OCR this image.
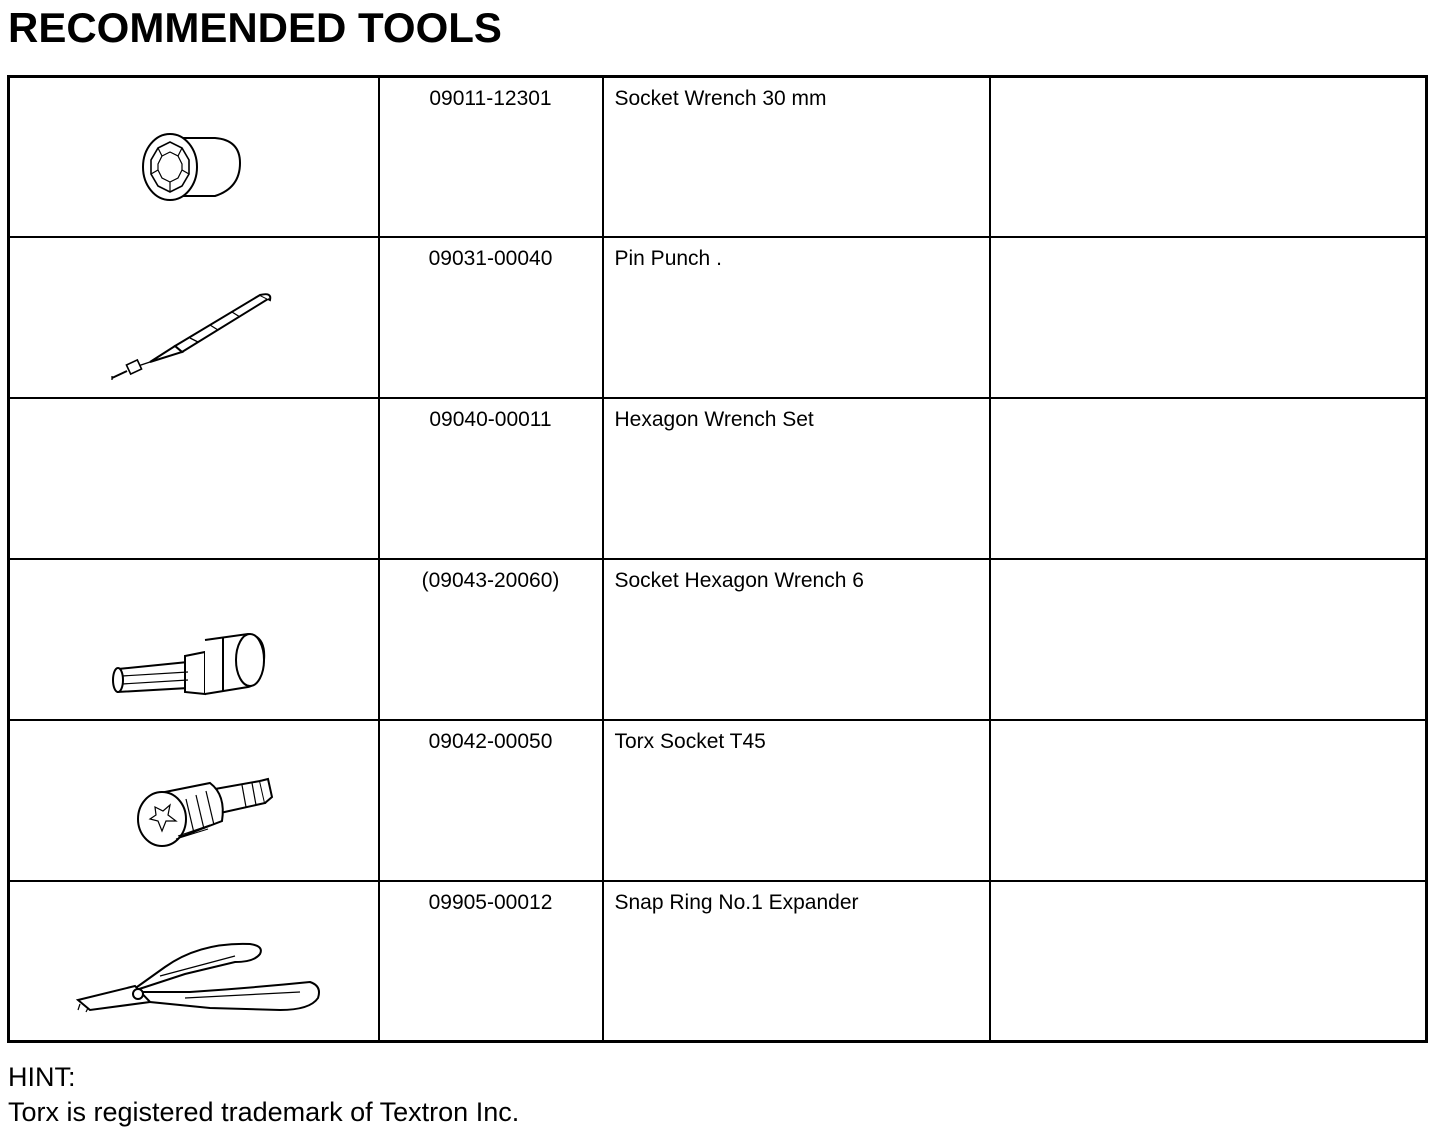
RECOMMENDED TOOLS
	09011-12301	Socket Wrench 30 mm	

	09031-00040	Pin Punch .	
	09040-00011	Hexagon Wrench Set	

	(09043-20060)	Socket Hexagon Wrench 6	

	09042-00050	Torx Socket T45	

	09905-00012	Snap Ring No.1 Expander	
HINT:
Torx is registered trademark of Textron Inc.
